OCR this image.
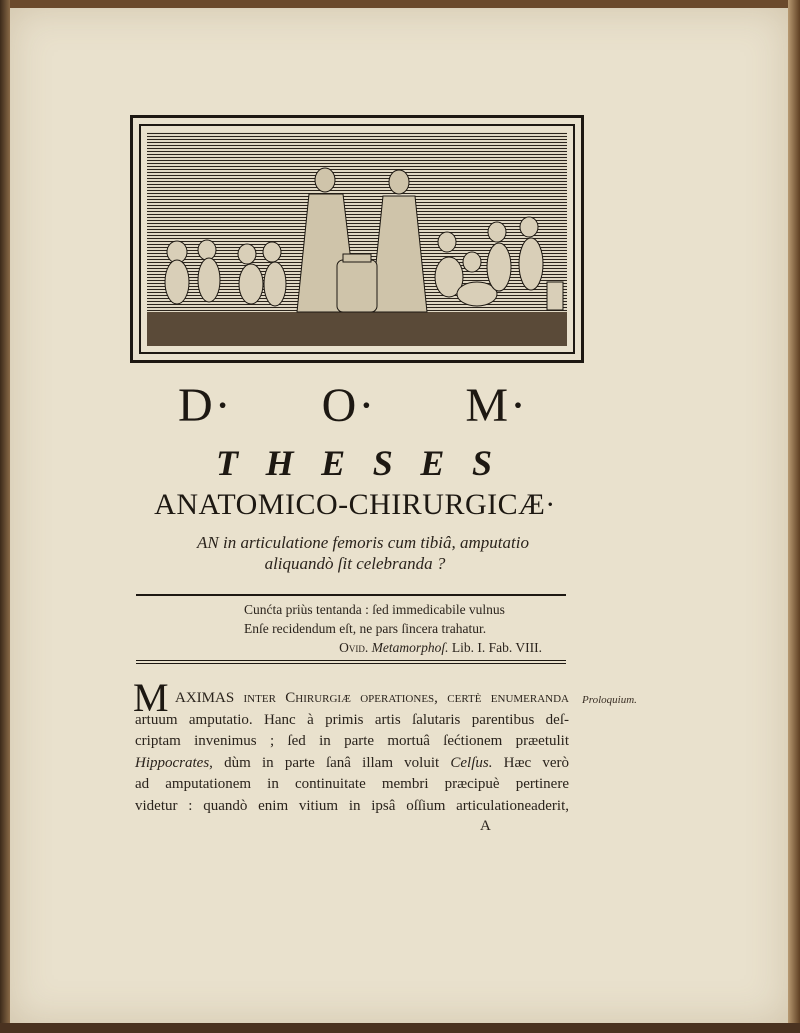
D· O· M·
T H E S E S
ANATOMICO-CHIRURGICÆ·
AN in articulatione femoris cum tibiâ, amputatio
aliquandò ſit celebranda ?
Cunćta priùs tentanda : ſed immedicabile vulnus
Enſe recidendum eſt, ne pars ſincera trahatur.
Ovid. Metamorphoſ. Lib. I. Fab. VIII.
M AXIMAS inter Chirurgiæ operationes, certè enumeranda
artuum amputatio. Hanc à primis artis ſalutaris parentibus deſ-
criptam invenimus ; ſed in parte mortuâ ſećtionem præetulit
Hippocrates, dùm in parte ſanâ illam voluit Celſus. Hæc verò
ad amputationem in continuitate membri præcipuè pertinere
videtur : quandò enim vitium in ipsâ oſſium articulationeaderit,
Proloquium.
A
